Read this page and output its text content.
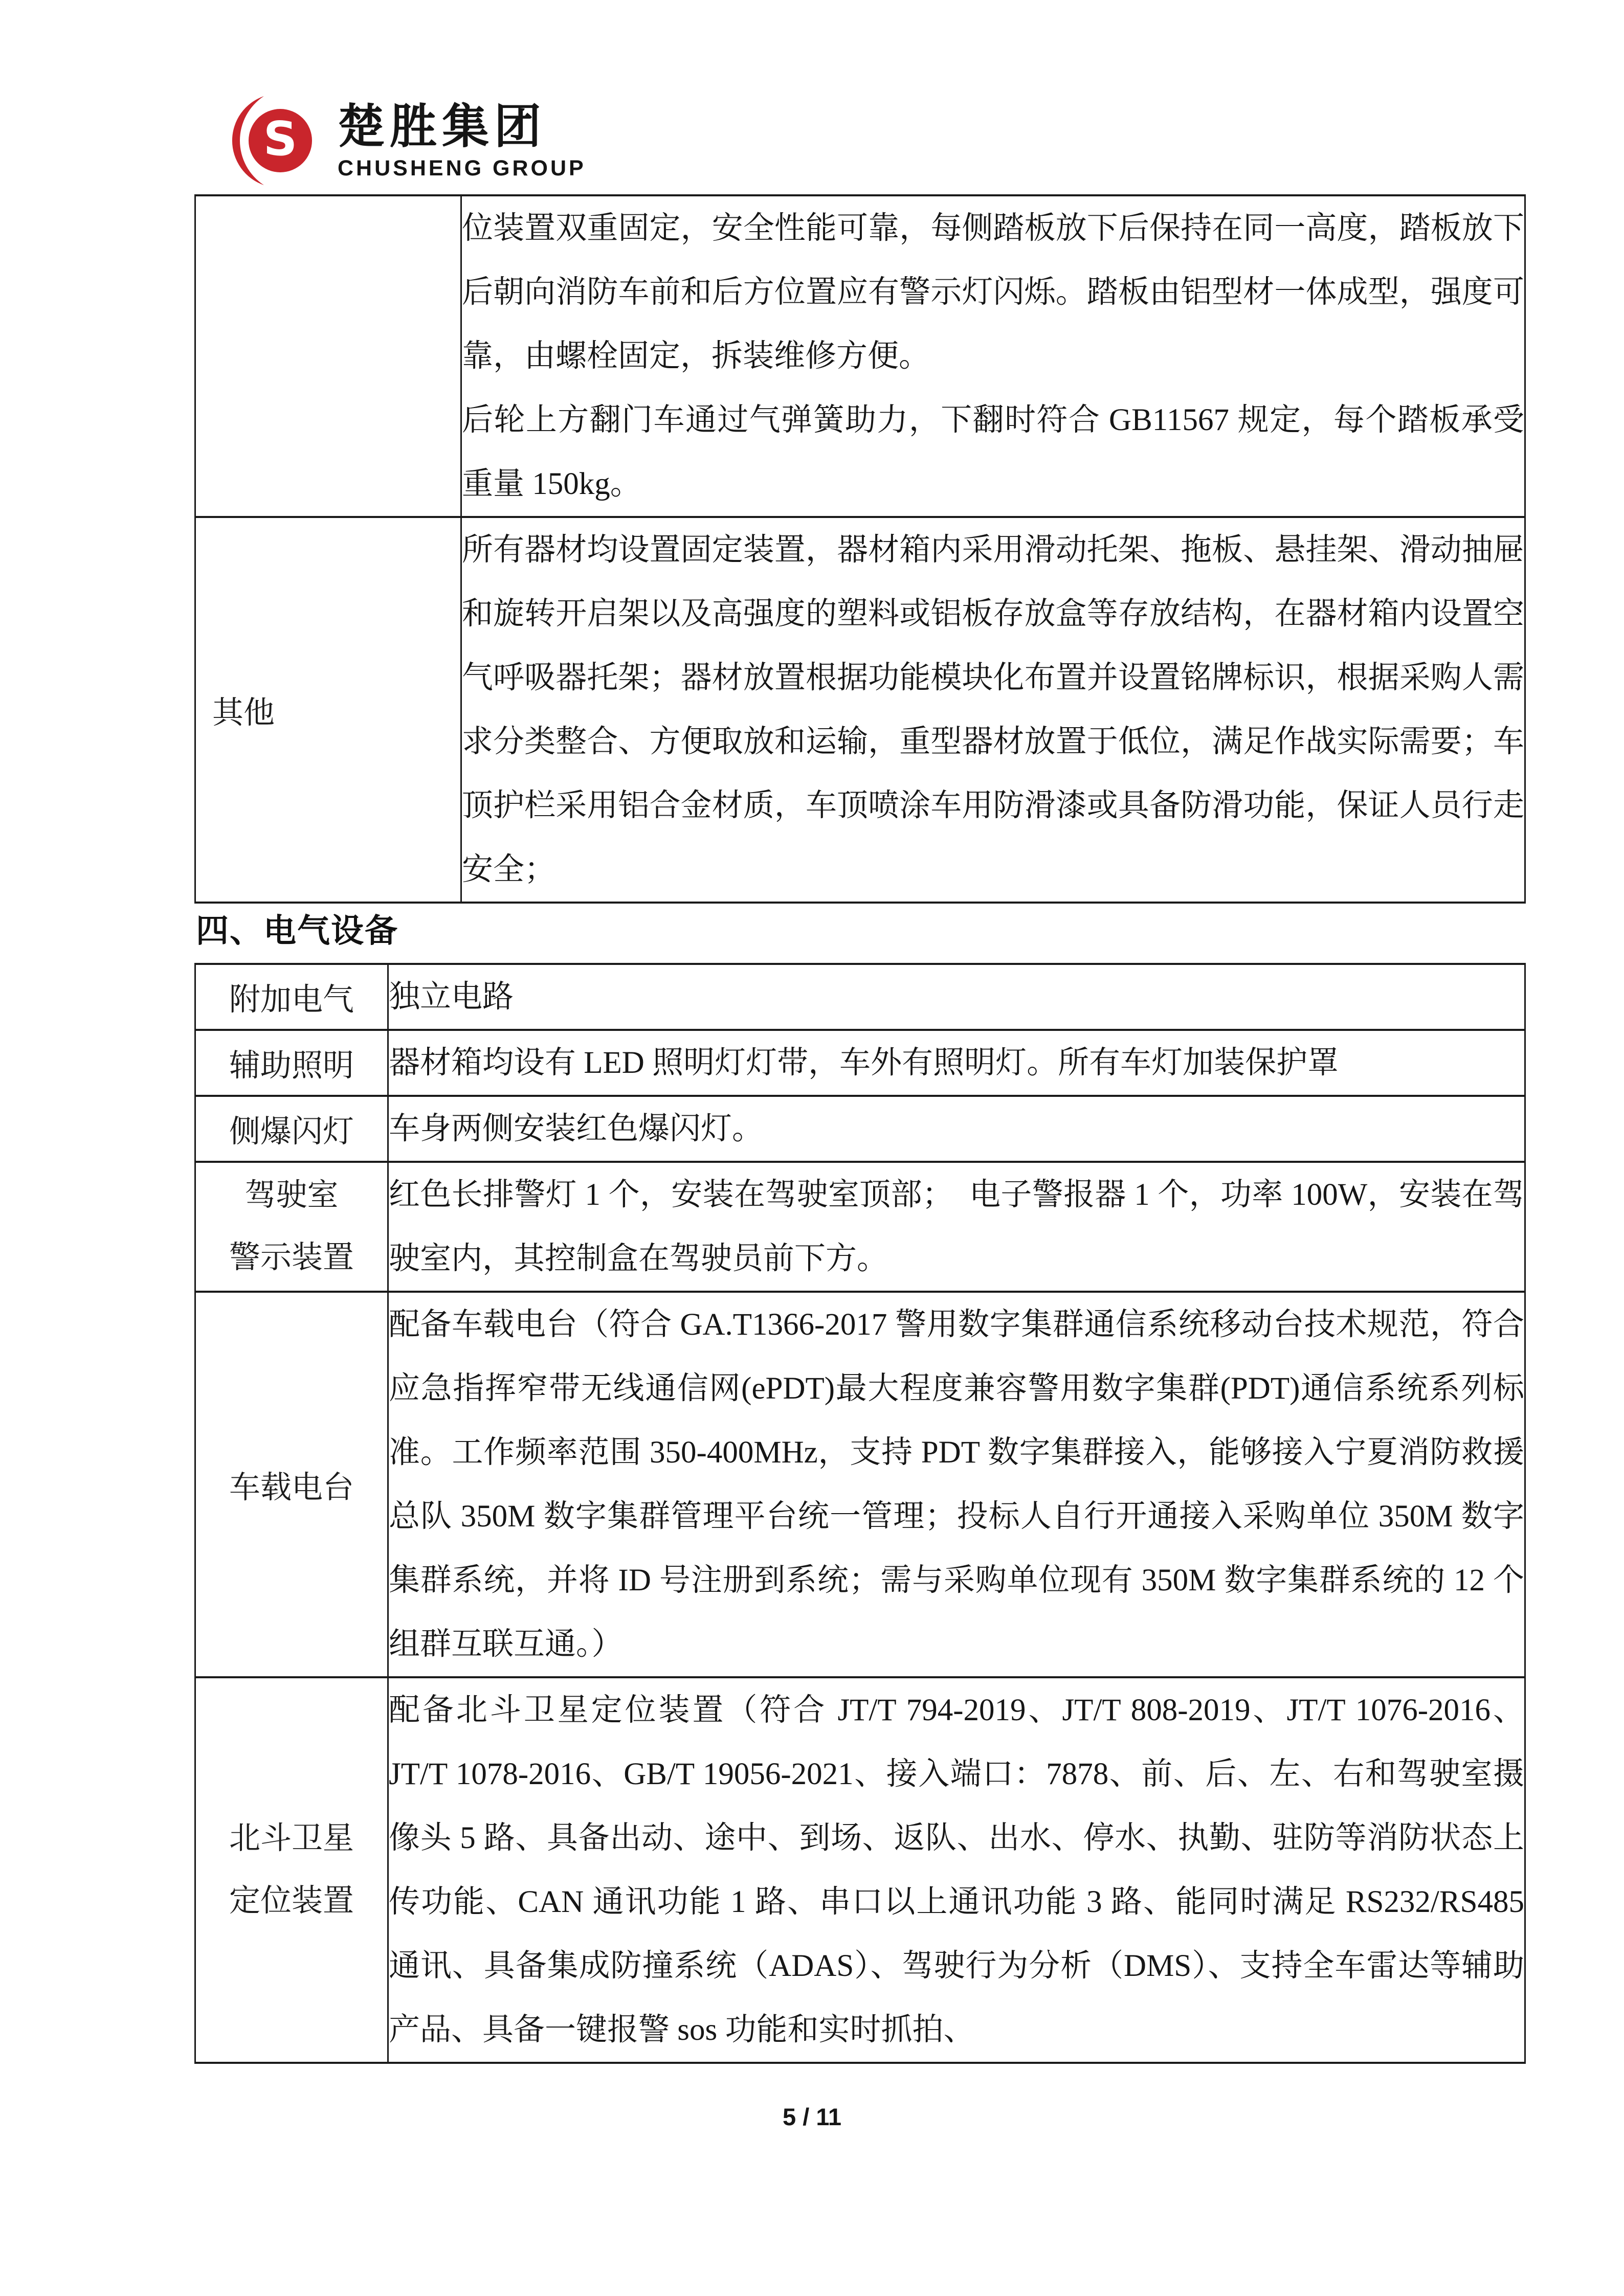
S 楚胜集团
CHUSHENG GROUP

	位装置双重固定，安全性能可靠，每侧踏板放下后保持在同一高度，踏板放下后朝向消防车前和后方位置应有警示灯闪烁。踏板由铝型材一体成型，强度可靠，由螺栓固定，拆装维修方便。

后轮上方翻门车通过气弹簧助力，下翻时符合 GB11567 规定，每个踏板承受重量 150kg。

其他	所有器材均设置固定装置，器材箱内采用滑动托架、拖板、悬挂架、滑动抽屉和旋转开启架以及高强度的塑料或铝板存放盒等存放结构，在器材箱内设置空气呼吸器托架；器材放置根据功能模块化布置并设置铭牌标识，根据采购人需求分类整合、方便取放和运输，重型器材放置于低位，满足作战实际需要；车顶护栏采用铝合金材质，车顶喷涂车用防滑漆或具备防滑功能，保证人员行走安全；

四、电气设备
附加电气	独立电路

辅助照明	器材箱均设有 LED 照明灯灯带，车外有照明灯。所有车灯加装保护罩

侧爆闪灯	车身两侧安装红色爆闪灯。

驾驶室
警示装置	红色长排警灯 1 个，安装在驾驶室顶部；　电子警报器 1 个，功率 100W，安装在驾驶室内，其控制盒在驾驶员前下方。

车载电台	配备车载电台（符合 GA.T1366-2017 警用数字集群通信系统移动台技术规范，符合应急指挥窄带无线通信网(ePDT)最大程度兼容警用数字集群(PDT)通信系统系列标准。工作频率范围 350-400MHz，支持 PDT 数字集群接入，能够接入宁夏消防救援总队 350M 数字集群管理平台统一管理；投标人自行开通接入采购单位 350M 数字集群系统，并将 ID 号注册到系统；需与采购单位现有 350M 数字集群系统的 12 个组群互联互通。）

北斗卫星
定位装置	配备北斗卫星定位装置（符合 JT/T 794-2019、JT/T 808-2019、JT/T 1076-2016、JT/T 1078-2016、GB/T 19056-2021、接入端口：7878、前、后、左、右和驾驶室摄像头 5 路、具备出动、途中、到场、返队、出水、停水、执勤、驻防等消防状态上传功能、CAN 通讯功能 1 路、串口以上通讯功能 3 路、能同时满足 RS232/RS485 通讯、具备集成防撞系统（ADAS）、驾驶行为分析（DMS）、支持全车雷达等辅助产品、具备一键报警 sos 功能和实时抓拍、

5 / 11
